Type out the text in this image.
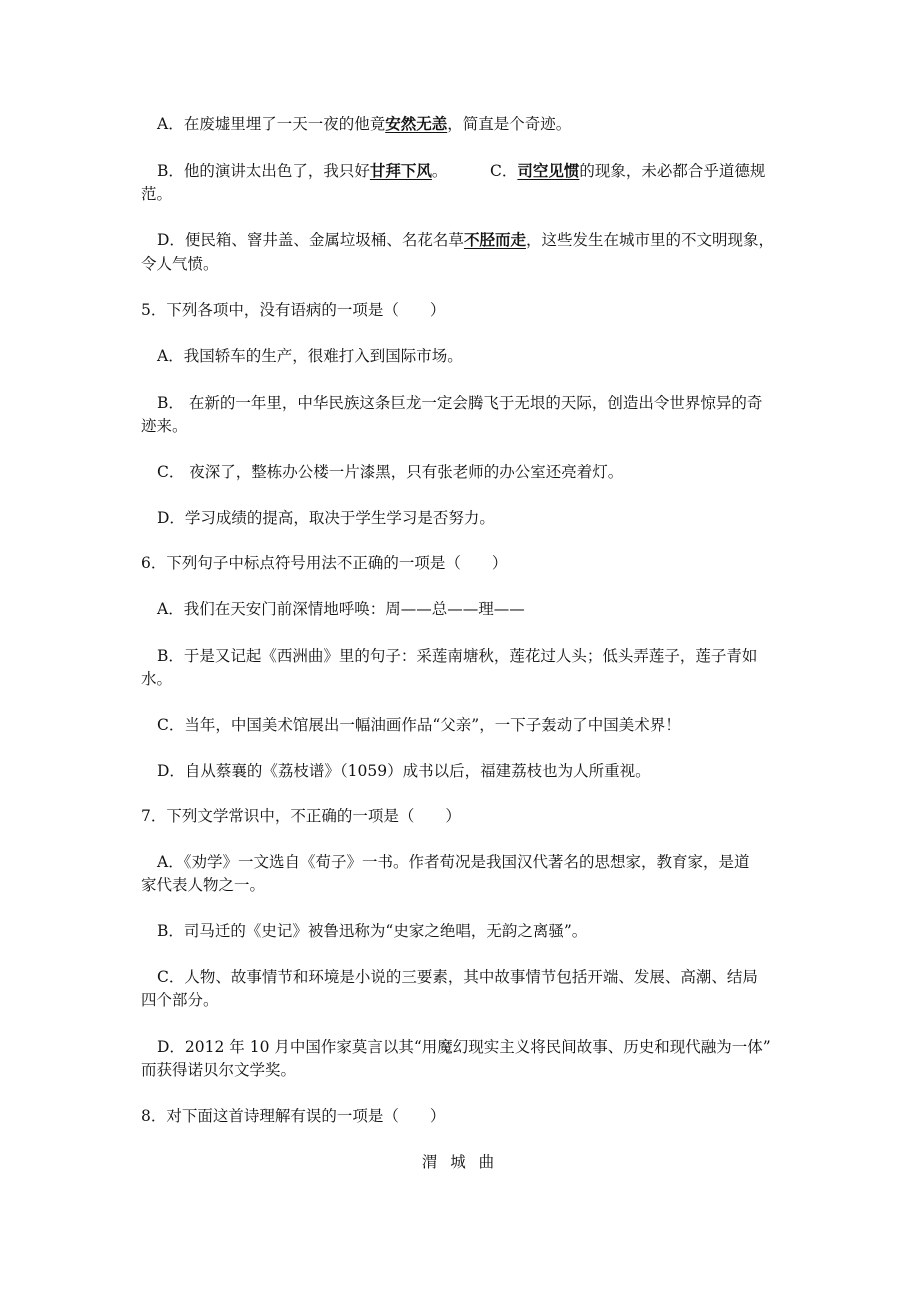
A．在废墟里埋了一天一夜的他竟安然无恙，简直是个奇迹。
B．他的演讲太出色了，我只好甘拜下风。	C．司空见惯的现象，未必都合乎道德规
范。
D．便民箱、窨井盖、金属垃圾桶、名花名草不胫而走，这些发生在城市里的不文明现象，
令人气愤。
5．下列各项中，没有语病的一项是（　　）
A．我国轿车的生产，很难打入到国际市场。
B． 在新的一年里，中华民族这条巨龙一定会腾飞于无垠的天际，创造出令世界惊异的奇
迹来。
C． 夜深了，整栋办公楼一片漆黑，只有张老师的办公室还亮着灯。
D．学习成绩的提高，取决于学生学习是否努力。
6．下列句子中标点符号用法不正确的一项是（　　）
A．我们在天安门前深情地呼唤：周——总——理——
B．于是又记起《西洲曲》里的句子：采莲南塘秋，莲花过人头；低头弄莲子，莲子青如
水。
C．当年，中国美术馆展出一幅油画作品“父亲”，一下子轰动了中国美术界！
D．自从蔡襄的《荔枝谱》（1059）成书以后，福建荔枝也为人所重视。
7．下列文学常识中，不正确的一项是（　　）
A．《劝学》一文选自《荀子》一书。作者荀况是我国汉代著名的思想家，教育家，是道
家代表人物之一。
B．司马迁的《史记》被鲁迅称为“史家之绝唱，无韵之离骚”。
C．人物、故事情节和环境是小说的三要素，其中故事情节包括开端、发展、高潮、结局
四个部分。
D．2012 年 10 月中国作家莫言以其“用魔幻现实主义将民间故事、历史和现代融为一体”
而获得诺贝尔文学奖。
8．对下面这首诗理解有误的一项是（　　）
渭 城 曲
